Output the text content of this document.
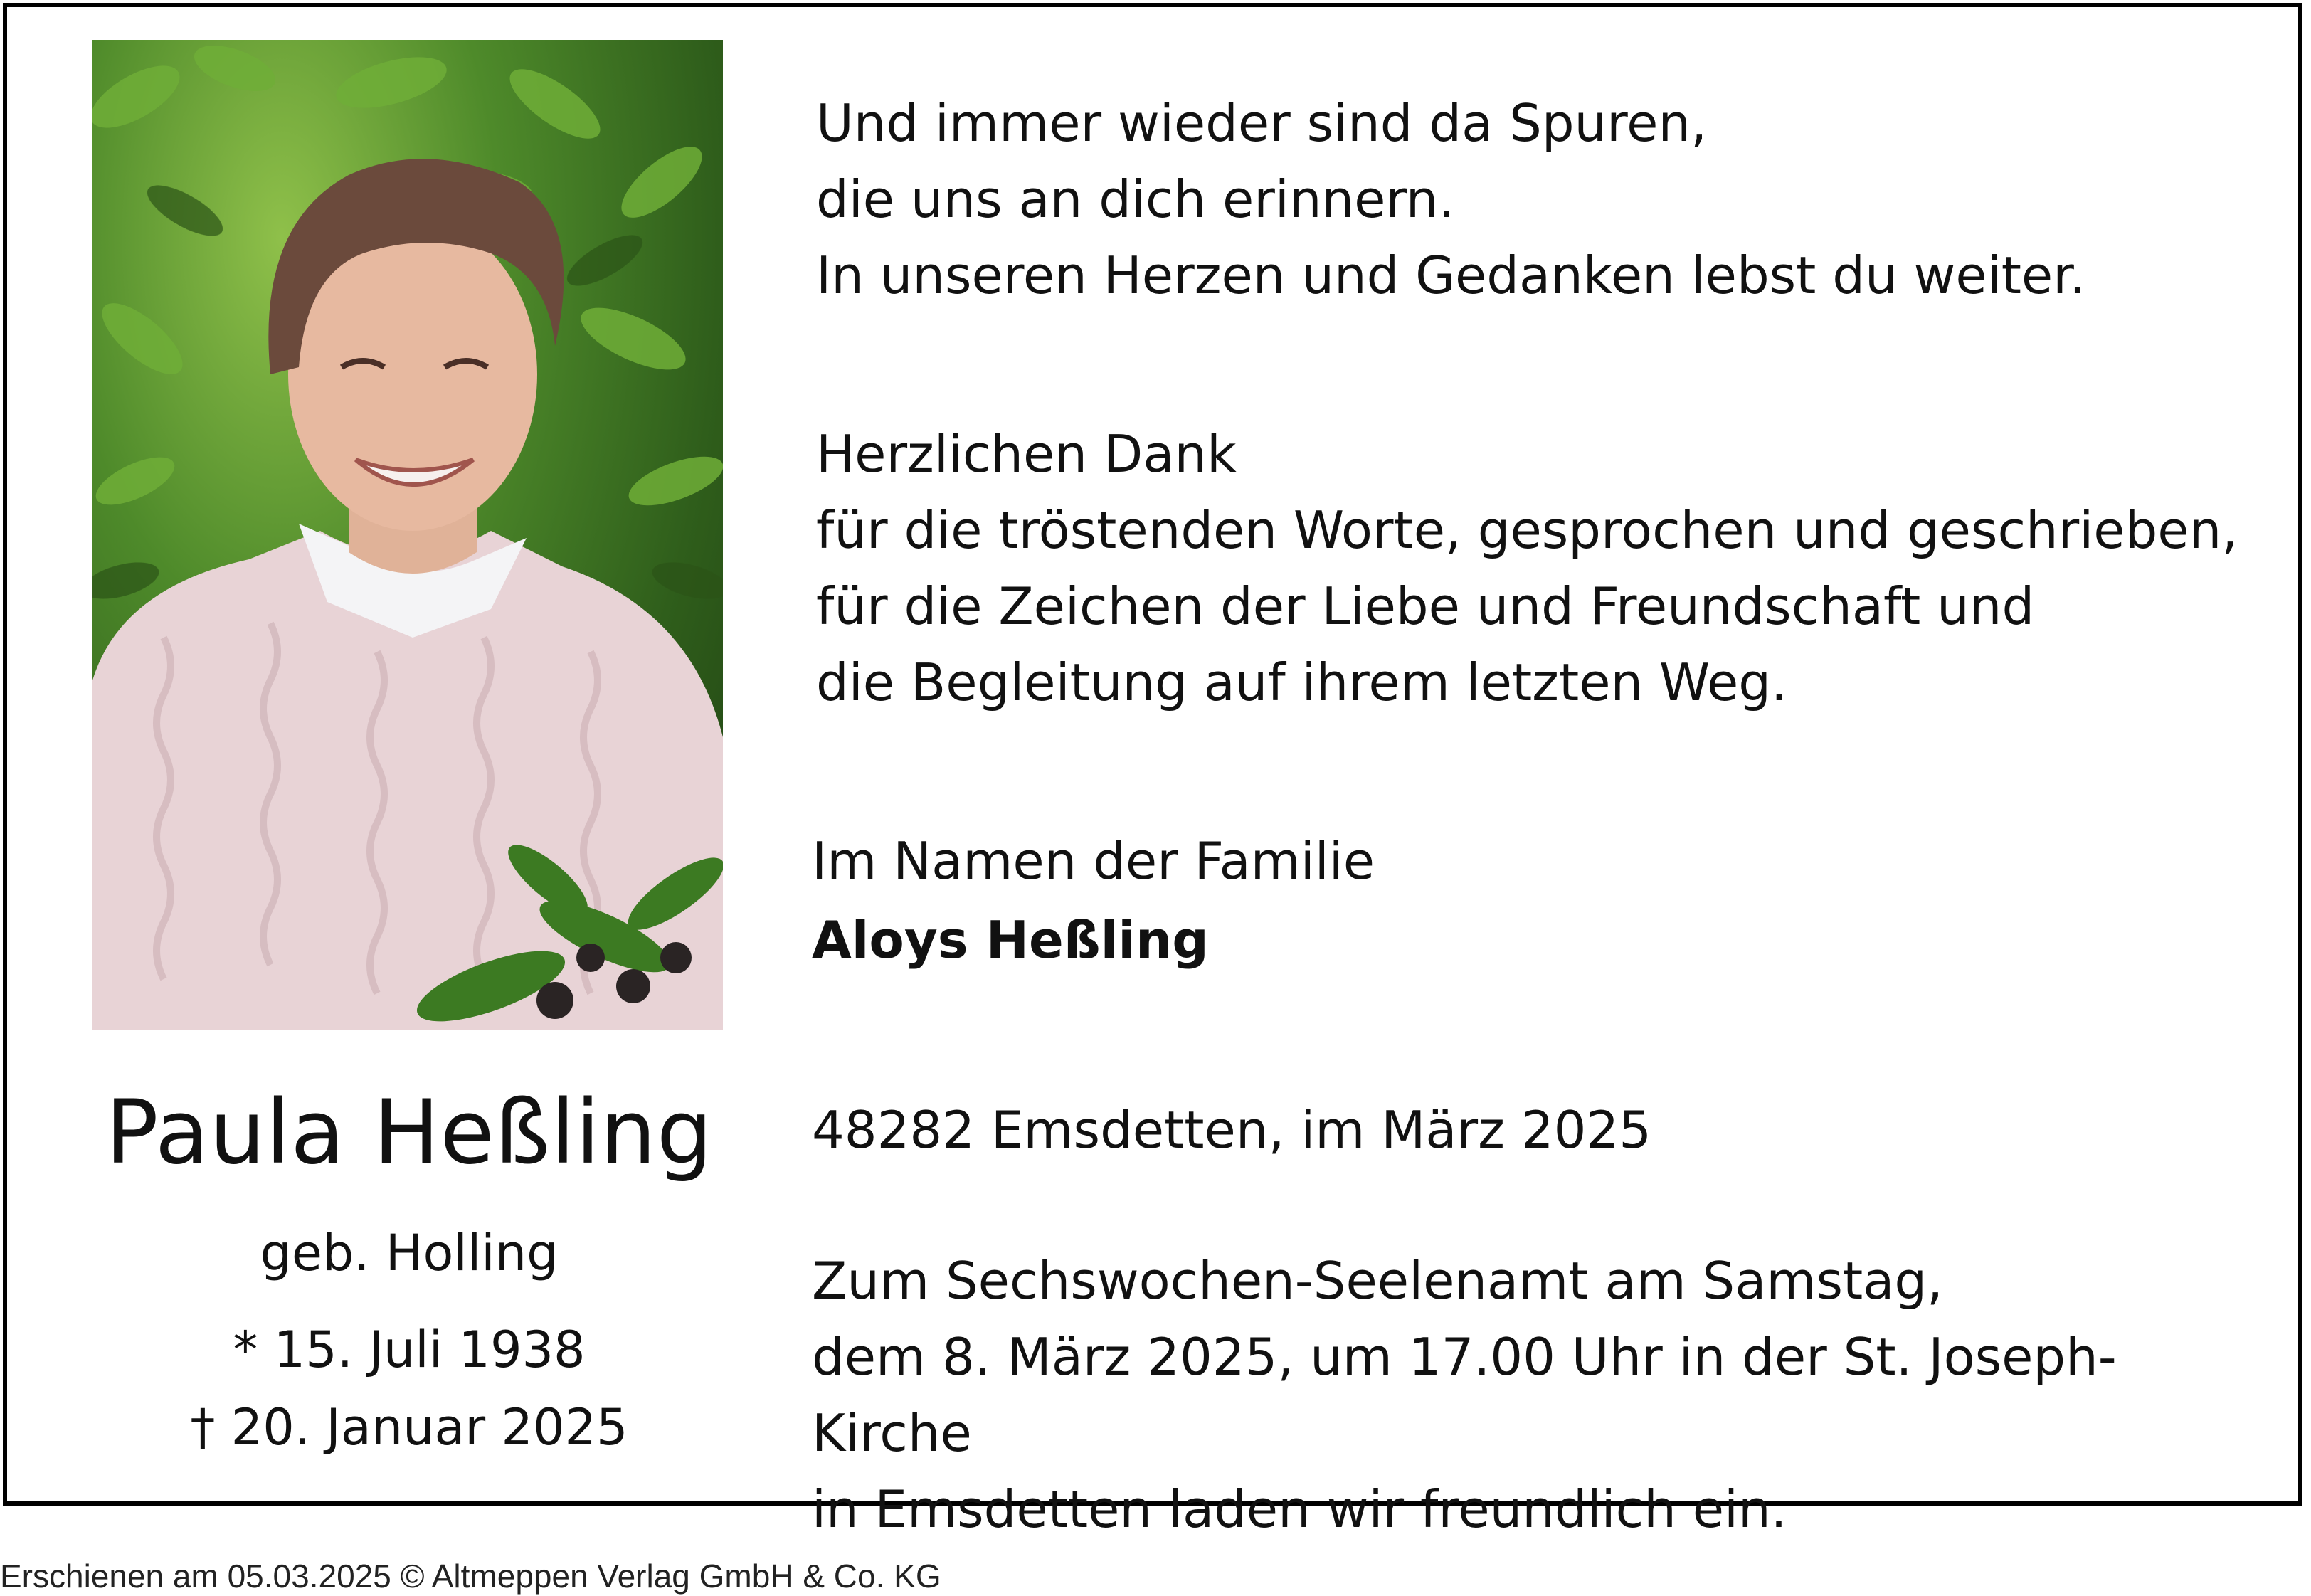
Paula Heßling
geb. Holling
* 15. Juli 1938
† 20. Januar 2025

Und immer wieder sind da Spuren,

die uns an dich erinnern.

In unseren Herzen und Gedanken lebst du weiter.

Herzlichen Dank

für die tröstenden Worte, gesprochen und geschrieben,

für die Zeichen der Liebe und Freundschaft und

die Begleitung auf ihrem letzten Weg.

Im Namen der Familie

Aloys Heßling

48282 Emsdetten, im März 2025

Zum Sechswochen-Seelenamt am Samstag,

dem 8. März 2025, um 17.00 Uhr in der St. Joseph-Kirche

in Emsdetten laden wir freundlich ein.

Erschienen am 05.03.2025 © Altmeppen Verlag GmbH & Co. KG
